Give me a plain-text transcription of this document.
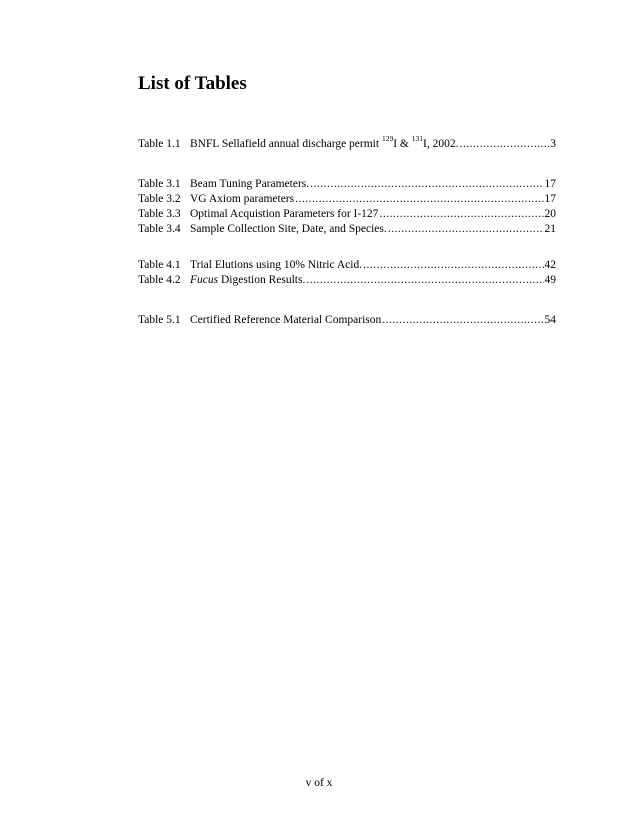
List of Tables
Table 1.1 BNFL Sellafield annual discharge permit $^{129}$I & $^{131}$I, 2002. .....	3
Table 3.1 Beam Tuning Parameters. .....	17
Table 3.2 VG Axiom parameters .....	17
Table 3.3 Optimal Acquistion Parameters for I-127 .....	20
Table 3.4 Sample Collection Site, Date, and Species. .....	21
Table 4.1 Trial Elutions using 10% Nitric Acid. .....	42
Table 4.2 Fucus Digestion Results. .....	49
Table 5.1 Certified Reference Material Comparison .....	54
v of x
